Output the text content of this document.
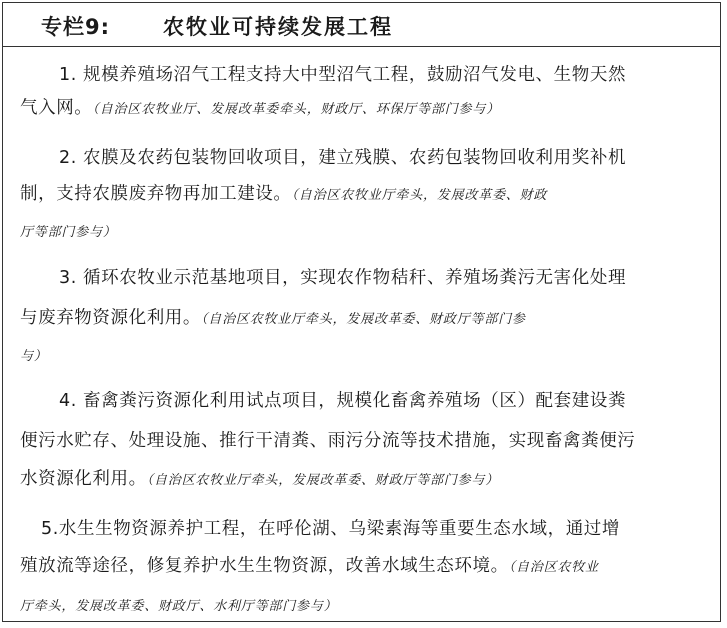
专栏9:	农牧业可持续发展工程
1. 规模养殖场沼气工程支持大中型沼气工程，鼓励沼气发电、生物天然
气入网。（自治区农牧业厅、发展改革委牵头，财政厅、环保厅等部门参与）
2. 农膜及农药包装物回收项目，建立残膜、农药包装物回收利用奖补机
制，支持农膜废弃物再加工建设。（自治区农牧业厅牵头，发展改革委、财政
厅等部门参与）
3. 循环农牧业示范基地项目，实现农作物秸秆、养殖场粪污无害化处理
与废弃物资源化利用。（自治区农牧业厅牵头，发展改革委、财政厅等部门参
与）
4. 畜禽粪污资源化利用试点项目，规模化畜禽养殖场（区）配套建设粪
便污水贮存、处理设施、推行干清粪、雨污分流等技术措施，实现畜禽粪便污
水资源化利用。（自治区农牧业厅牵头，发展改革委、财政厅等部门参与）
5.水生生物资源养护工程，在呼伦湖、乌梁素海等重要生态水域，通过增
殖放流等途径，修复养护水生生物资源，改善水域生态环境。（自治区农牧业
厅牵头，发展改革委、财政厅、水利厅等部门参与）
